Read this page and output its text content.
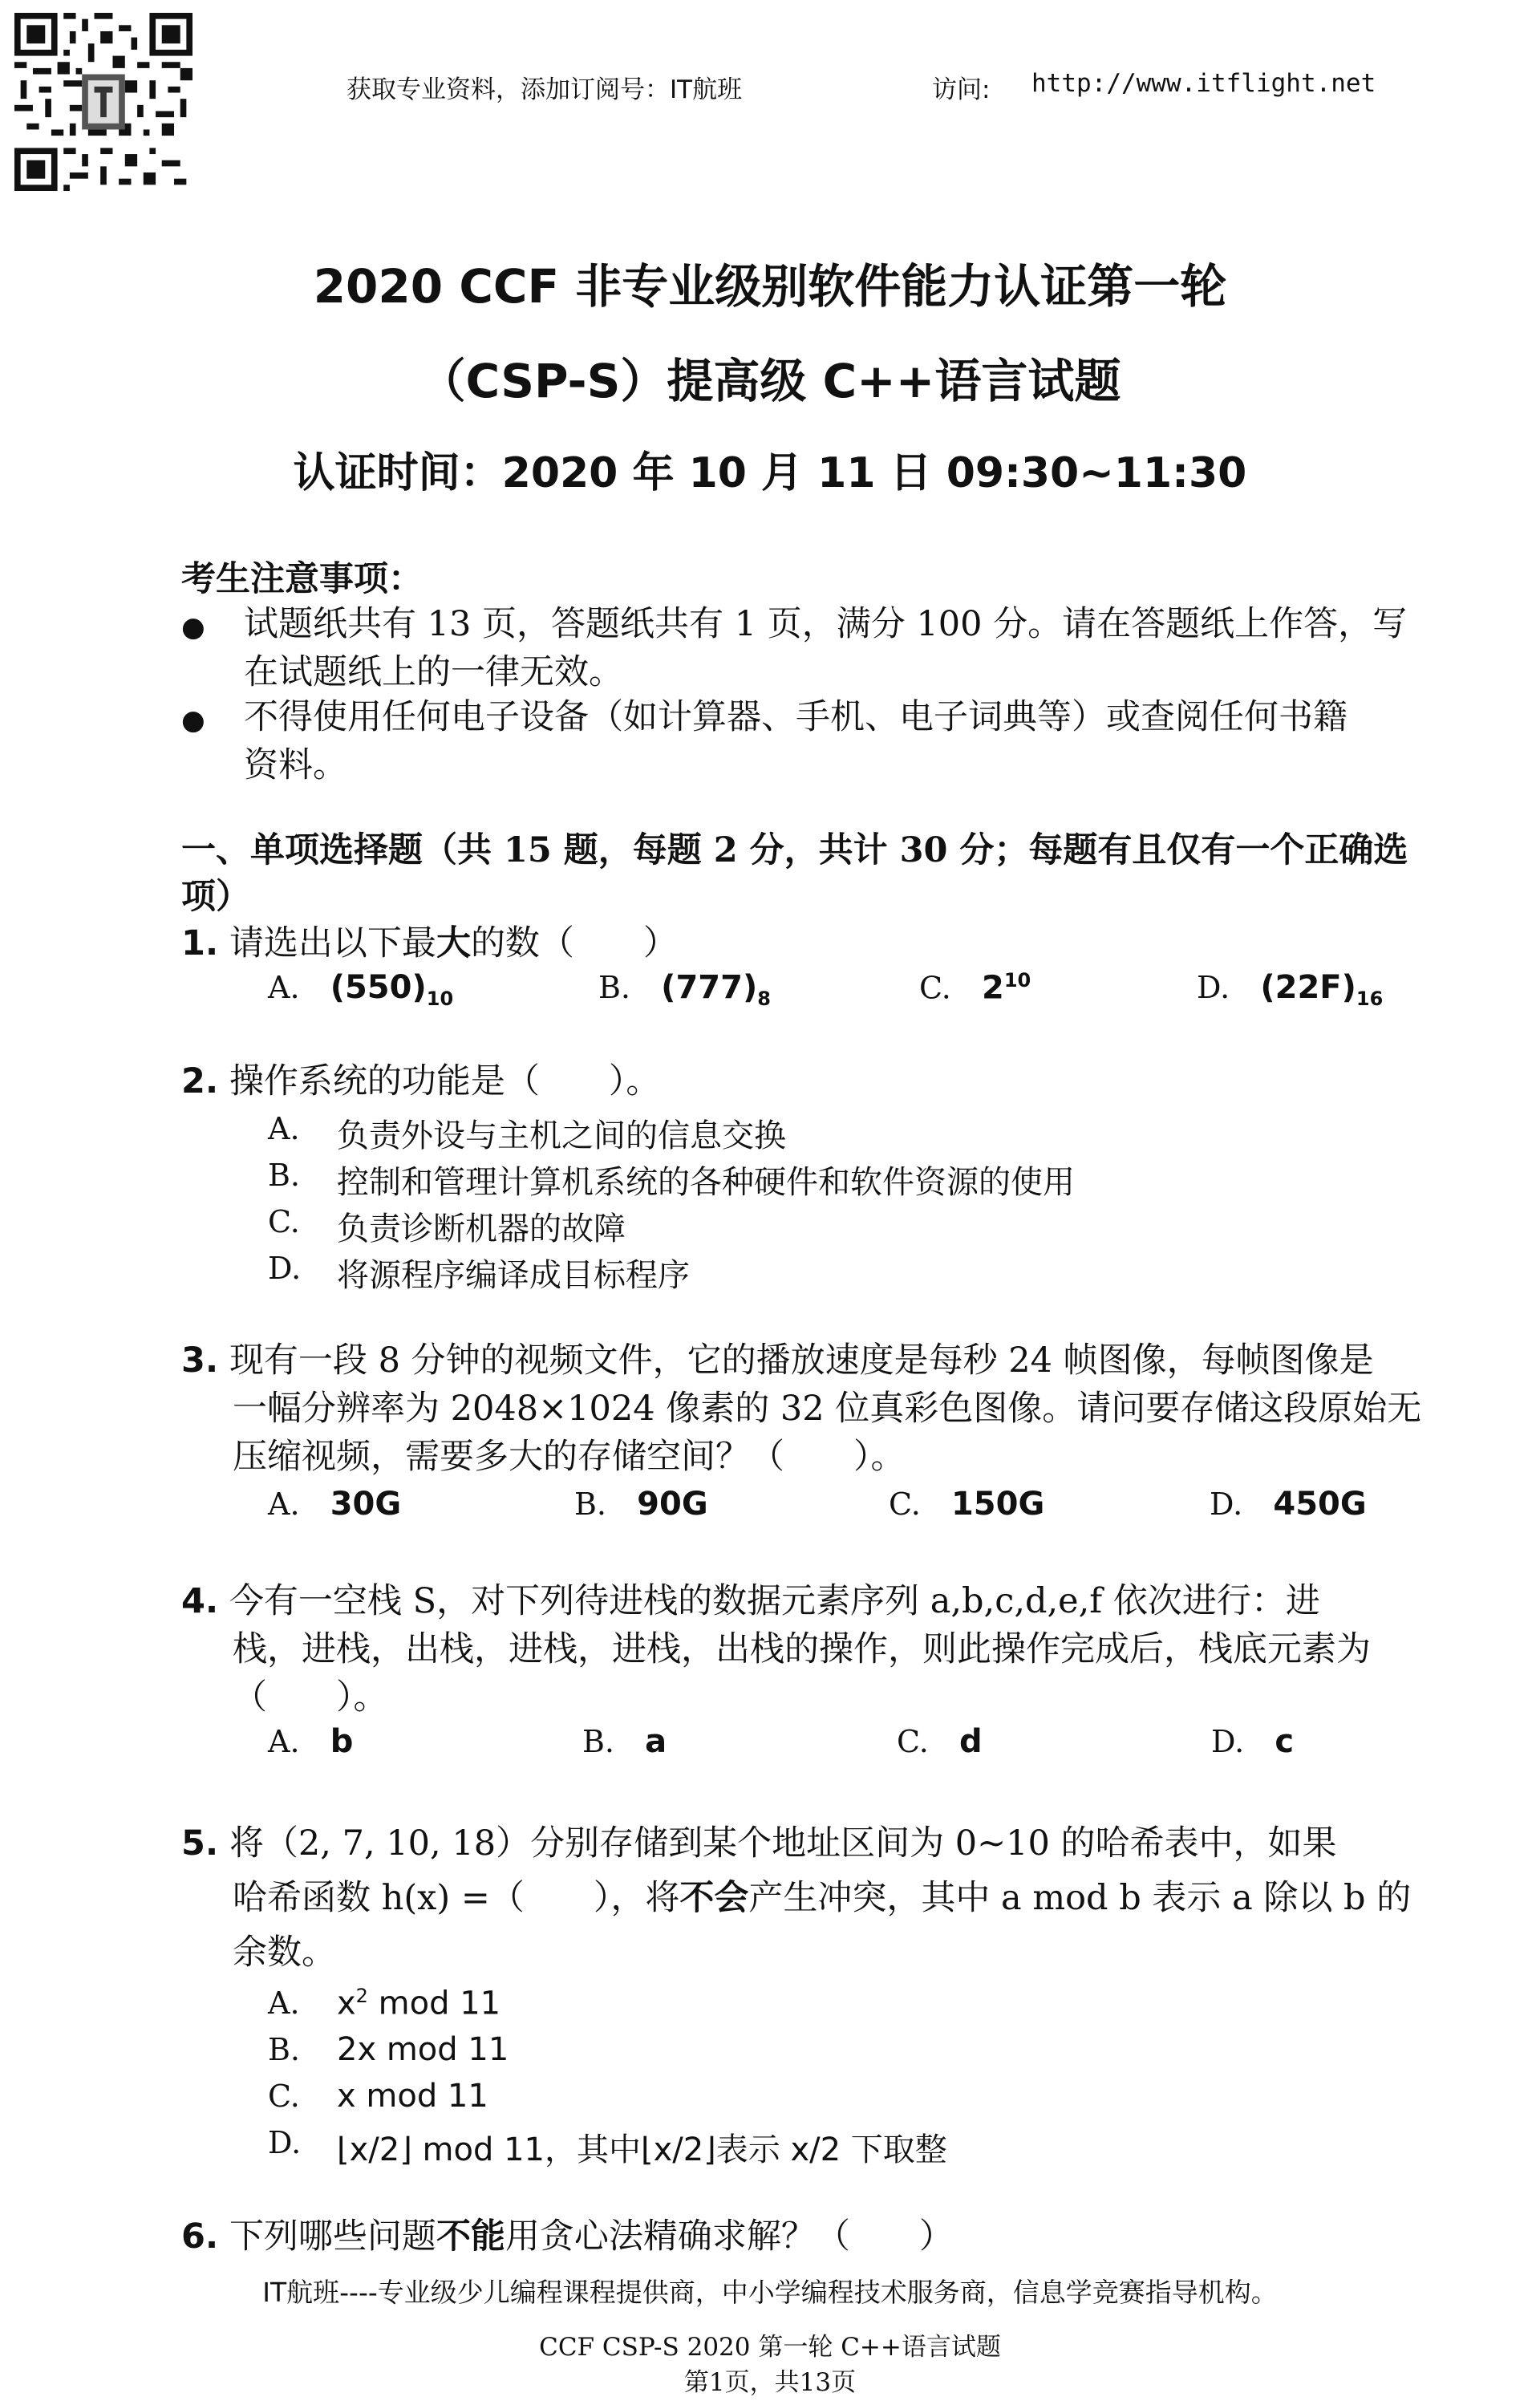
获取专业资料，添加订阅号：IT航班	访问: http://www.itflight.net
2020 CCF 非专业级别软件能力认证第一轮
（CSP-S）提高级 C++语言试题
认证时间：2020 年 10 月 11 日 09:30~11:30
考生注意事项：
● 试题纸共有 13 页，答题纸共有 1 页，满分 100 分。请在答题纸上作答，写
在试题纸上的一律无效。
● 不得使用任何电子设备（如计算器、手机、电子词典等）或查阅任何书籍
资料。
一、单项选择题（共 15 题，每题 2 分，共计 30 分；每题有且仅有一个正确选
项）
1. 请选出以下最大的数（　　）
A. $(550)_{10}$	B. $(777)_8$	C. $2^{10}$	D. $(22F)_{16}$
2. 操作系统的功能是（　　）。
A. 负责外设与主机之间的信息交换
B. 控制和管理计算机系统的各种硬件和软件资源的使用
C. 负责诊断机器的故障
D. 将源程序编译成目标程序
3. 现有一段 8 分钟的视频文件，它的播放速度是每秒 24 帧图像，每帧图像是
一幅分辨率为 2048×1024 像素的 32 位真彩色图像。请问要存储这段原始无
压缩视频，需要多大的存储空间？（　　）。
A. 30G	B. 90G	C. 150G	D. 450G
4. 今有一空栈 S，对下列待进栈的数据元素序列 a,b,c,d,e,f 依次进行：进
栈，进栈，出栈，进栈，进栈，出栈的操作，则此操作完成后，栈底元素为
（　　）。
A. b	B. a	C. d	D. c
5. 将（2, 7, 10, 18）分别存储到某个地址区间为 0~10 的哈希表中，如果
哈希函数 h(x) =（　　），将不会产生冲突，其中 a mod b 表示 a 除以 b 的
余数。
A. $x^2$ mod 11
B. 2x mod 11
C. x mod 11
D. ⌊x/2⌋ mod 11，其中⌊x/2⌋表示 x/2 下取整
6. 下列哪些问题不能用贪心法精确求解？（　　）
IT航班----专业级少儿编程课程提供商，中小学编程技术服务商，信息学竞赛指导机构。
CCF CSP-S 2020 第一轮 C++语言试题
第1页，共13页
